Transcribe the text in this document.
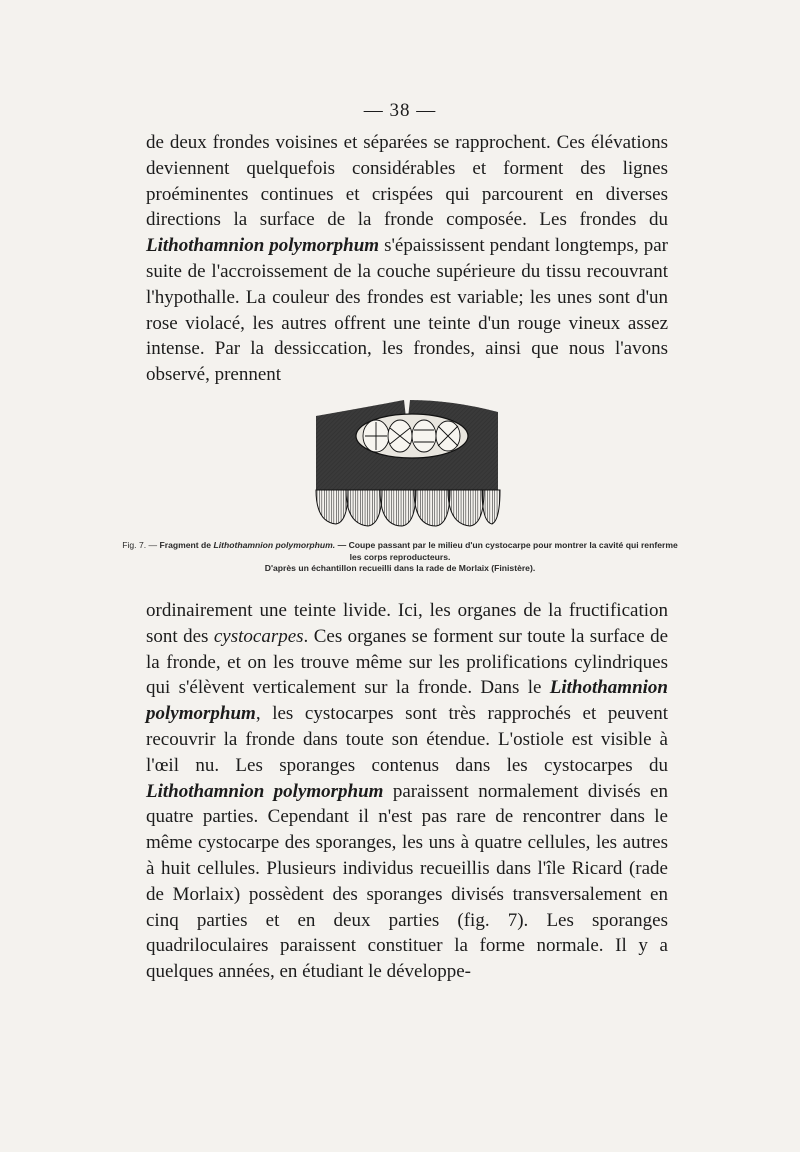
— 38 —

de deux frondes voisines et séparées se rapprochent. Ces élévations deviennent quelquefois considérables et forment des lignes proéminentes continues et crispées qui parcourent en diverses directions la surface de la fronde composée. Les frondes du Lithothamnion polymorphum s'épaississent pendant longtemps, par suite de l'accroissement de la couche supérieure du tissu recouvrant l'hypothalle. La couleur des frondes est variable; les unes sont d'un rose violacé, les autres offrent une teinte d'un rouge vineux assez intense. Par la dessiccation, les frondes, ainsi que nous l'avons observé, prennent

Fig. 7. — Fragment de Lithothamnion polymorphum. — Coupe passant par le milieu d'un cystocarpe pour montrer la cavité qui renferme les corps reproducteurs.
D'après un échantillon recueilli dans la rade de Morlaix (Finistère).

ordinairement une teinte livide. Ici, les organes de la fructification sont des cystocarpes. Ces organes se forment sur toute la surface de la fronde, et on les trouve même sur les prolifications cylindriques qui s'élèvent verticalement sur la fronde. Dans le Lithothamnion polymorphum, les cystocarpes sont très rapprochés et peuvent recouvrir la fronde dans toute son étendue. L'ostiole est visible à l'œil nu. Les sporanges contenus dans les cystocarpes du Lithothamnion polymorphum paraissent normalement divisés en quatre parties. Cependant il n'est pas rare de rencontrer dans le même cystocarpe des sporanges, les uns à quatre cellules, les autres à huit cellules. Plusieurs individus recueillis dans l'île Ricard (rade de Morlaix) possèdent des sporanges divisés transversalement en cinq parties et en deux parties (fig. 7). Les sporanges quadriloculaires paraissent constituer la forme normale. Il y a quelques années, en étudiant le développe-
